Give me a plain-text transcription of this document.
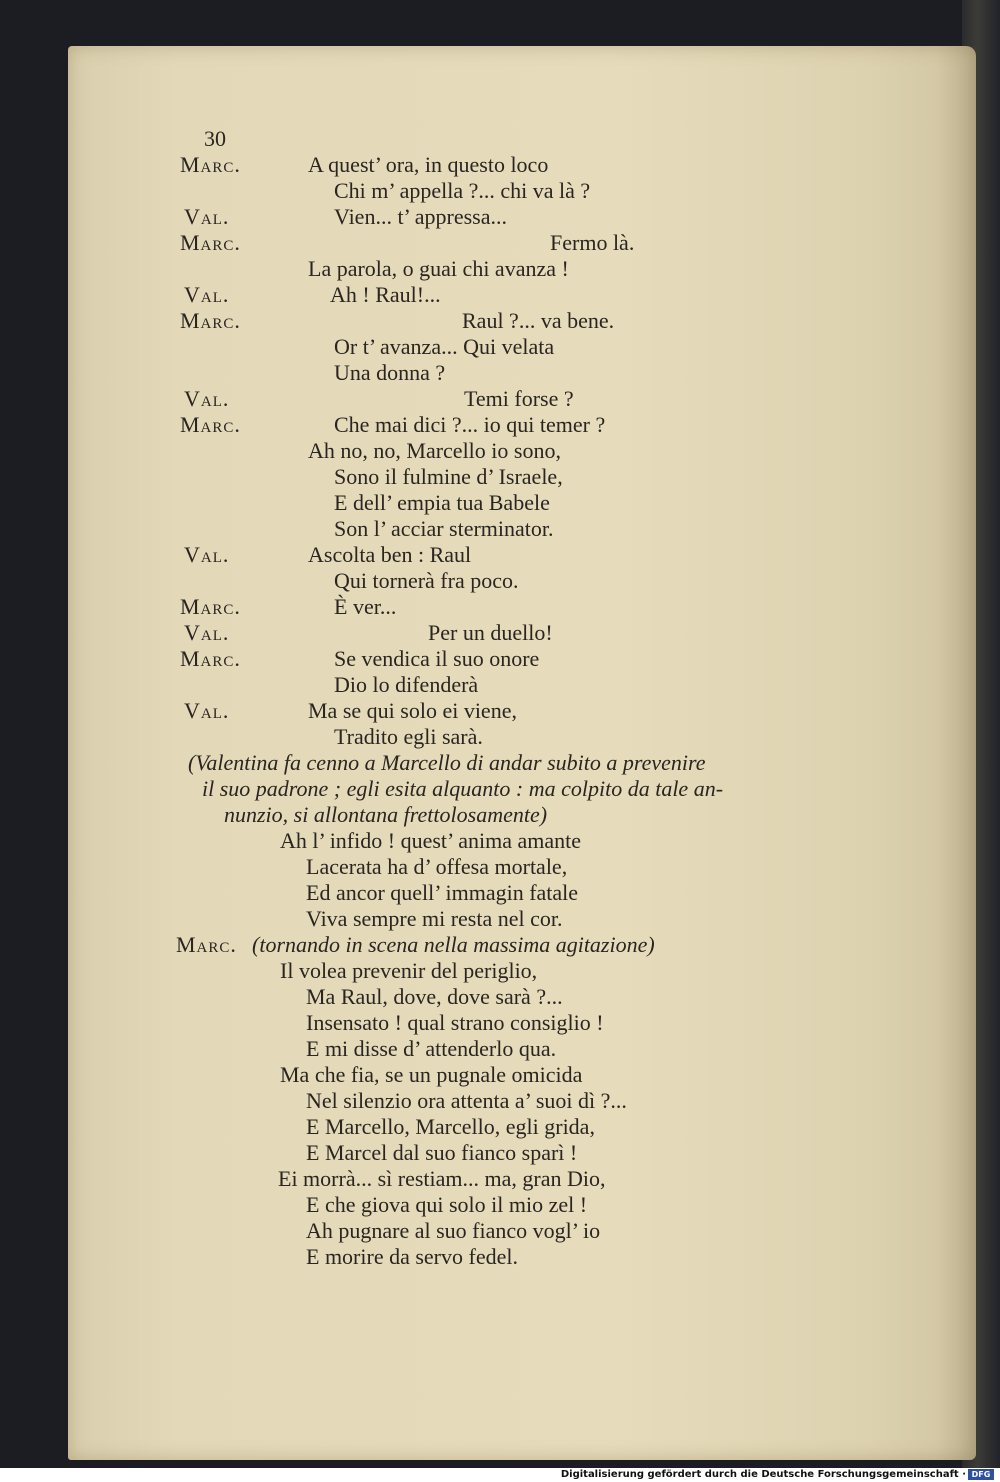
30
Marc.	A quest’ ora, in questo loco
Chi m’ appella ?... chi va là ?
Val.	Vien... t’ appressa...
Marc.	Fermo là.
La parola, o guai chi avanza !
Val.	Ah ! Raul!...
Marc.	Raul ?... va bene.
Or t’ avanza... Qui velata
Una donna ?
Val.	Temi forse ?
Marc.	Che mai dici ?... io qui temer ?
Ah no, no, Marcello io sono,
Sono il fulmine d’ Israele,
E dell’ empia tua Babele
Son l’ acciar sterminator.
Val.	Ascolta ben : Raul
Qui tornerà fra poco.
Marc.	È ver...
Val.	Per un duello!
Marc.	Se vendica il suo onore
Dio lo difenderà
Val.	Ma se qui solo ei viene,
Tradito egli sarà.
(Valentina fa cenno a Marcello di andar subito a prevenire
il suo padrone ; egli esita alquanto : ma colpito da tale an-
nunzio, si allontana frettolosamente)
Ah l’ infido ! quest’ anima amante
Lacerata ha d’ offesa mortale,
Ed ancor quell’ immagin fatale
Viva sempre mi resta nel cor.
Marc. (tornando in scena nella massima agitazione)
Il volea prevenir del periglio,
Ma Raul, dove, dove sarà ?...
Insensato ! qual strano consiglio !
E mi disse d’ attenderlo qua.
Ma che fia, se un pugnale omicida
Nel silenzio ora attenta a’ suoi dì ?...
E Marcello, Marcello, egli grida,
E Marcel dal suo fianco sparì !
Ei morrà... sì restiam... ma, gran Dio,
E che giova qui solo il mio zel !
Ah pugnare al suo fianco vogl’ io
E morire da servo fedel.
Digitalisierung gefördert durch die Deutsche Forschungsgemeinschaft · DFG
